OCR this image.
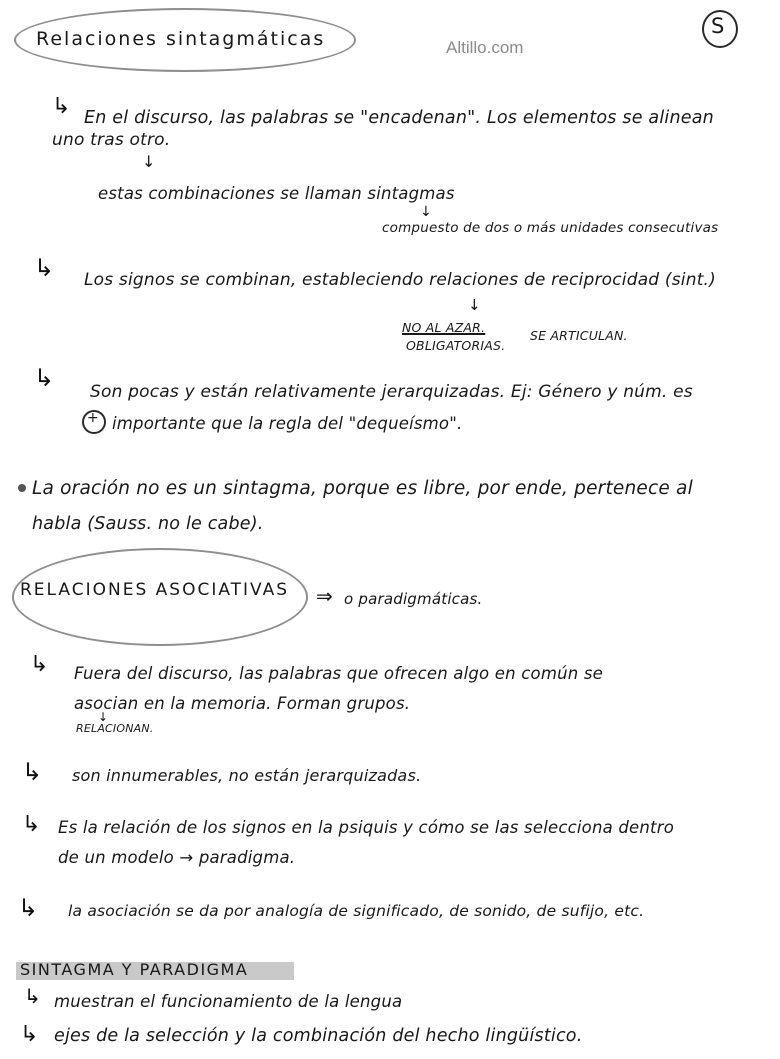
Relaciones sintagmáticas	Altillo.com
S
↳ En el discurso, las palabras se "encadenan". Los elementos se alinean
uno tras otro.
↓
estas combinaciones se llaman sintagmas
↓
compuesto de dos o más unidades consecutivas
↳ Los signos se combinan, estableciendo relaciones de reciprocidad (sint.)
↓
NO AL AZAR.
OBLIGATORIAS.
SE ARTICULAN.
↳ Son pocas y están relativamente jerarquizadas. Ej: Género y núm. es
+ importante que la regla del "dequeísmo".
La oración no es un sintagma, porque es libre, por ende, pertenece al
habla (Sauss. no le cabe).
RELACIONES ASOCIATIVAS ⇒ o paradigmáticas.
↳ Fuera del discurso, las palabras que ofrecen algo en común se
asocian en la memoria. Forman grupos.
↓
RELACIONAN.
↳ son innumerables, no están jerarquizadas.
↳ Es la relación de los signos en la psiquis y cómo se las selecciona dentro
de un modelo → paradigma.
↳ la asociación se da por analogía de significado, de sonido, de sufijo, etc.
SINTAGMA Y PARADIGMA
↳ muestran el funcionamiento de la lengua
↳ ejes de la selección y la combinación del hecho lingüístico.
